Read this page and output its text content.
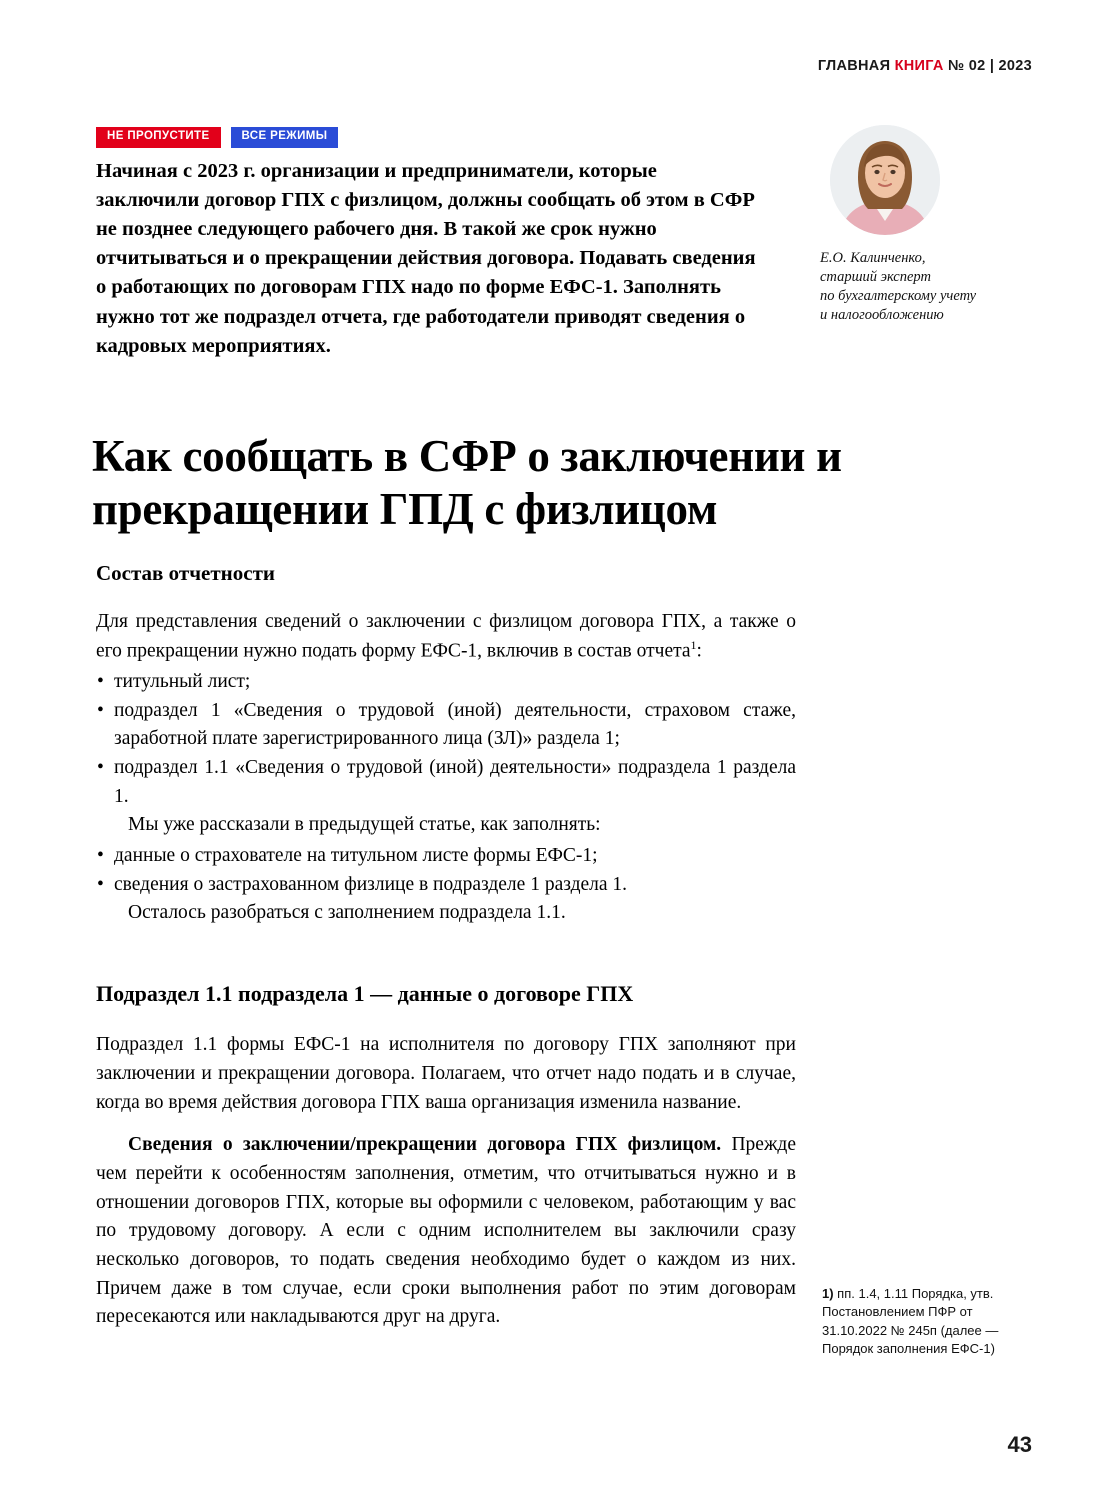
ГЛАВНАЯ КНИГА № 02 | 2023
НЕ ПРОПУСТИТЕ	ВСЕ РЕЖИМЫ
Начиная с 2023 г. организации и предприниматели, которые заключили договор ГПХ с физлицом, должны сообщать об этом в СФР не позднее следующего рабочего дня. В такой же срок нужно отчитываться и о прекращении действия договора. Подавать сведения о работающих по договорам ГПХ надо по форме ЕФС-1. Заполнять нужно тот же подраздел отчета, где работодатели приводят сведения о кадровых мероприятиях.
Е.О. Калинченко,
старший эксперт
по бухгалтерскому учету
и налогообложению
Как сообщать в СФР о заключении и прекращении ГПД с физлицом
Состав отчетности

Для представления сведений о заключении с физлицом договора ГПХ, а также о его прекращении нужно подать форму ЕФС-1, включив в состав отчета$^1$:

• титульный лист;
• подраздел 1 «Сведения о трудовой (иной) деятельности, страховом стаже, заработной плате зарегистрированного лица (ЗЛ)» раздела 1;
• подраздел 1.1 «Сведения о трудовой (иной) деятельности» подраздела 1 раздела 1.

Мы уже рассказали в предыдущей статье, как заполнять:

• данные о страхователе на титульном листе формы ЕФС-1;
• сведения о застрахованном физлице в подразделе 1 раздела 1.

Осталось разобраться с заполнением подраздела 1.1.

Подраздел 1.1 подраздела 1 — данные о договоре ГПХ

Подраздел 1.1 формы ЕФС-1 на исполнителя по договору ГПХ заполняют при заключении и прекращении договора. Полагаем, что отчет надо подать и в случае, когда во время действия договора ГПХ ваша организация изменила название.

Сведения о заключении/прекращении договора ГПХ физлицом. Прежде чем перейти к особенностям заполнения, отметим, что отчитываться нужно и в отношении договоров ГПХ, которые вы оформили с человеком, работающим у вас по трудовому договору. А если с одним исполнителем вы заключили сразу несколько договоров, то подать сведения необходимо будет о каждом из них. Причем даже в том случае, если сроки выполнения работ по этим договорам пересекаются или накладываются друг на друга.

1) пп. 1.4, 1.11 Порядка, утв. Постановлением ПФР от 31.10.2022 № 245п (далее — Порядок заполнения ЕФС-1)
43
